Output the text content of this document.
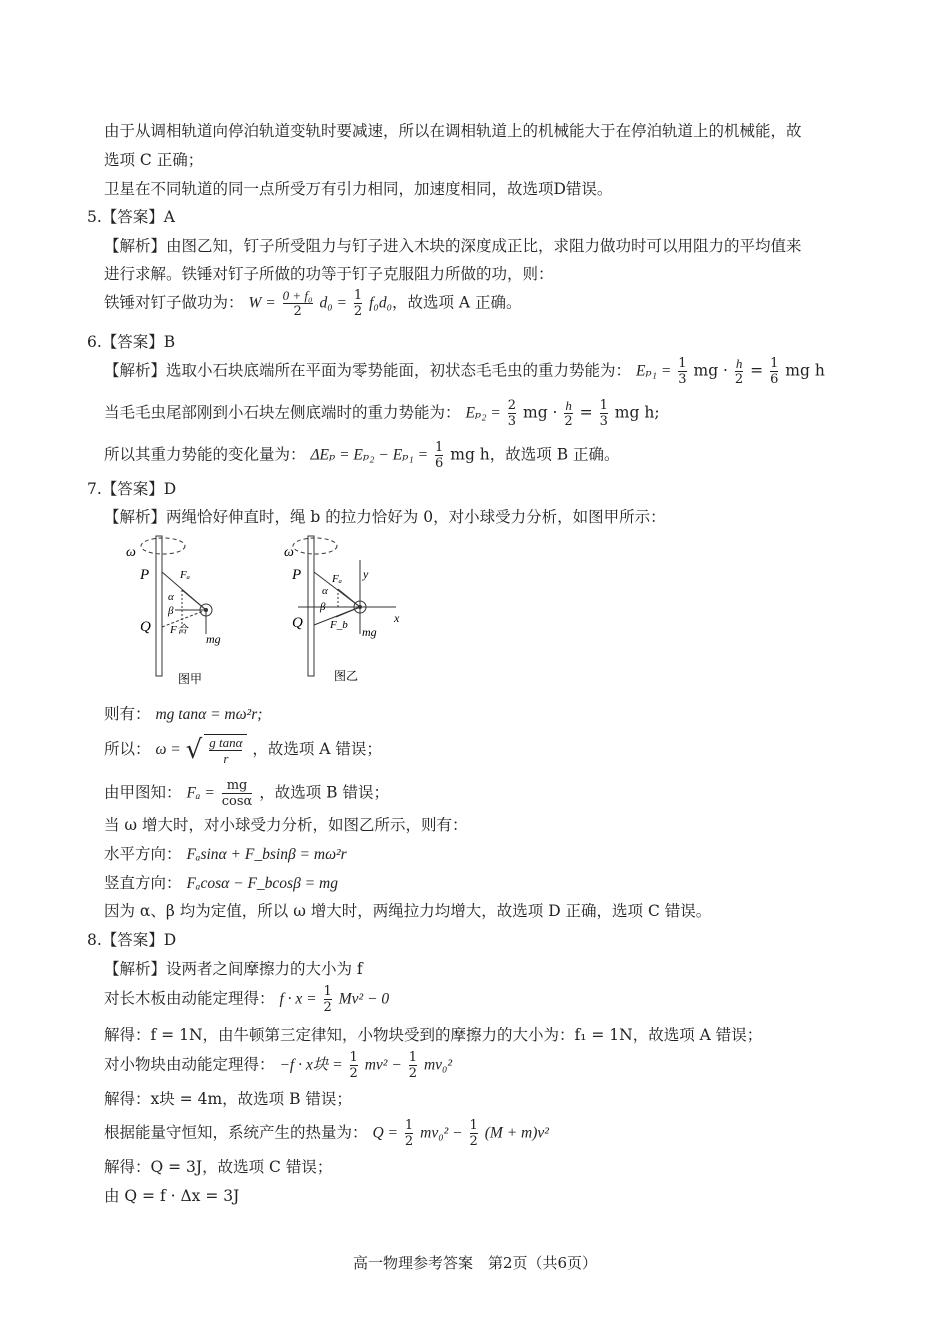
由于从调相轨道向停泊轨道变轨时要减速，所以在调相轨道上的机械能大于在停泊轨道上的机械能，故
选项 C 正确；
卫星在不同轨道的同一点所受万有引力相同，加速度相同，故选项D错误。
5.【答案】A
【解析】由图乙知，钉子所受阻力与钉子进入木块的深度成正比，求阻力做功时可以用阻力的平均值来
进行求解。铁锤对钉子所做的功等于钉子克服阻力所做的功，则：
铁锤对钉子做功为： $W = \frac{\text{0 + f₀}}{2} d_0 = \frac{1}{2} f_0d_0$，故选项 A 正确。
6.【答案】B
【解析】选取小石块底端所在平面为零势能面，初状态毛毛虫的重力势能为： $E_{p1} = \frac{1}{3}$ mg · $\frac{h}{2} = \frac{1}{6}$ mg h
当毛毛虫尾部刚到小石块左侧底端时的重力势能为： $E_{p2} = \frac{2}{3}$ mg · $\frac{h}{2} = \frac{1}{3}$ mg h;
所以其重力势能的变化量为： $\Delta E_p = E_{p2} - E_{p1} = \frac{1}{6}$ mg h，故选项 B 正确。
7.【答案】D
【解析】两绳恰好伸直时，绳 b 的拉力恰好为 0，对小球受力分析，如图甲所示：
ω
P
Q
Fₐ
α
β
F合
mg
图甲
ω
P
Q
Fₐ y
α
β
x
F_b mg
图乙
则有： mg tanα = mω²r;
所以： ω = √ $\frac{\text{g tanα}}{r}$ ，故选项 A 错误；
由甲图知： $F_a = \frac{mg}{\cos\alpha}$ ，故选项 B 错误；
当 ω 增大时，对小球受力分析，如图乙所示，则有：
水平方向： Fₐsinα + F_bsinβ = mω²r
竖直方向： Fₐcosα − F_bcosβ = mg
因为 α、β 均为定值，所以 ω 增大时，两绳拉力均增大，故选项 D 正确，选项 C 错误。
8.【答案】D
【解析】设两者之间摩擦力的大小为 f
对长木板由动能定理得： $f \cdot x = \frac{1}{2} Mv^2 - 0$
解得：f = 1N，由牛顿第三定律知，小物块受到的摩擦力的大小为：f₁ = 1N，故选项 A 错误；
对小物块由动能定理得： −f · x块 = $\frac{1}{2} mv^2 - \frac{1}{2} mv_0^2$
解得：x块 = 4m，故选项 B 错误；
根据能量守恒知，系统产生的热量为： $Q = \frac{1}{2} mv_0^2 - \frac{1}{2} (M + m)v^2$
解得：Q = 3J，故选项 C 错误；
由 Q = f · Δx = 3J
高一物理参考答案　第2页（共6页）
